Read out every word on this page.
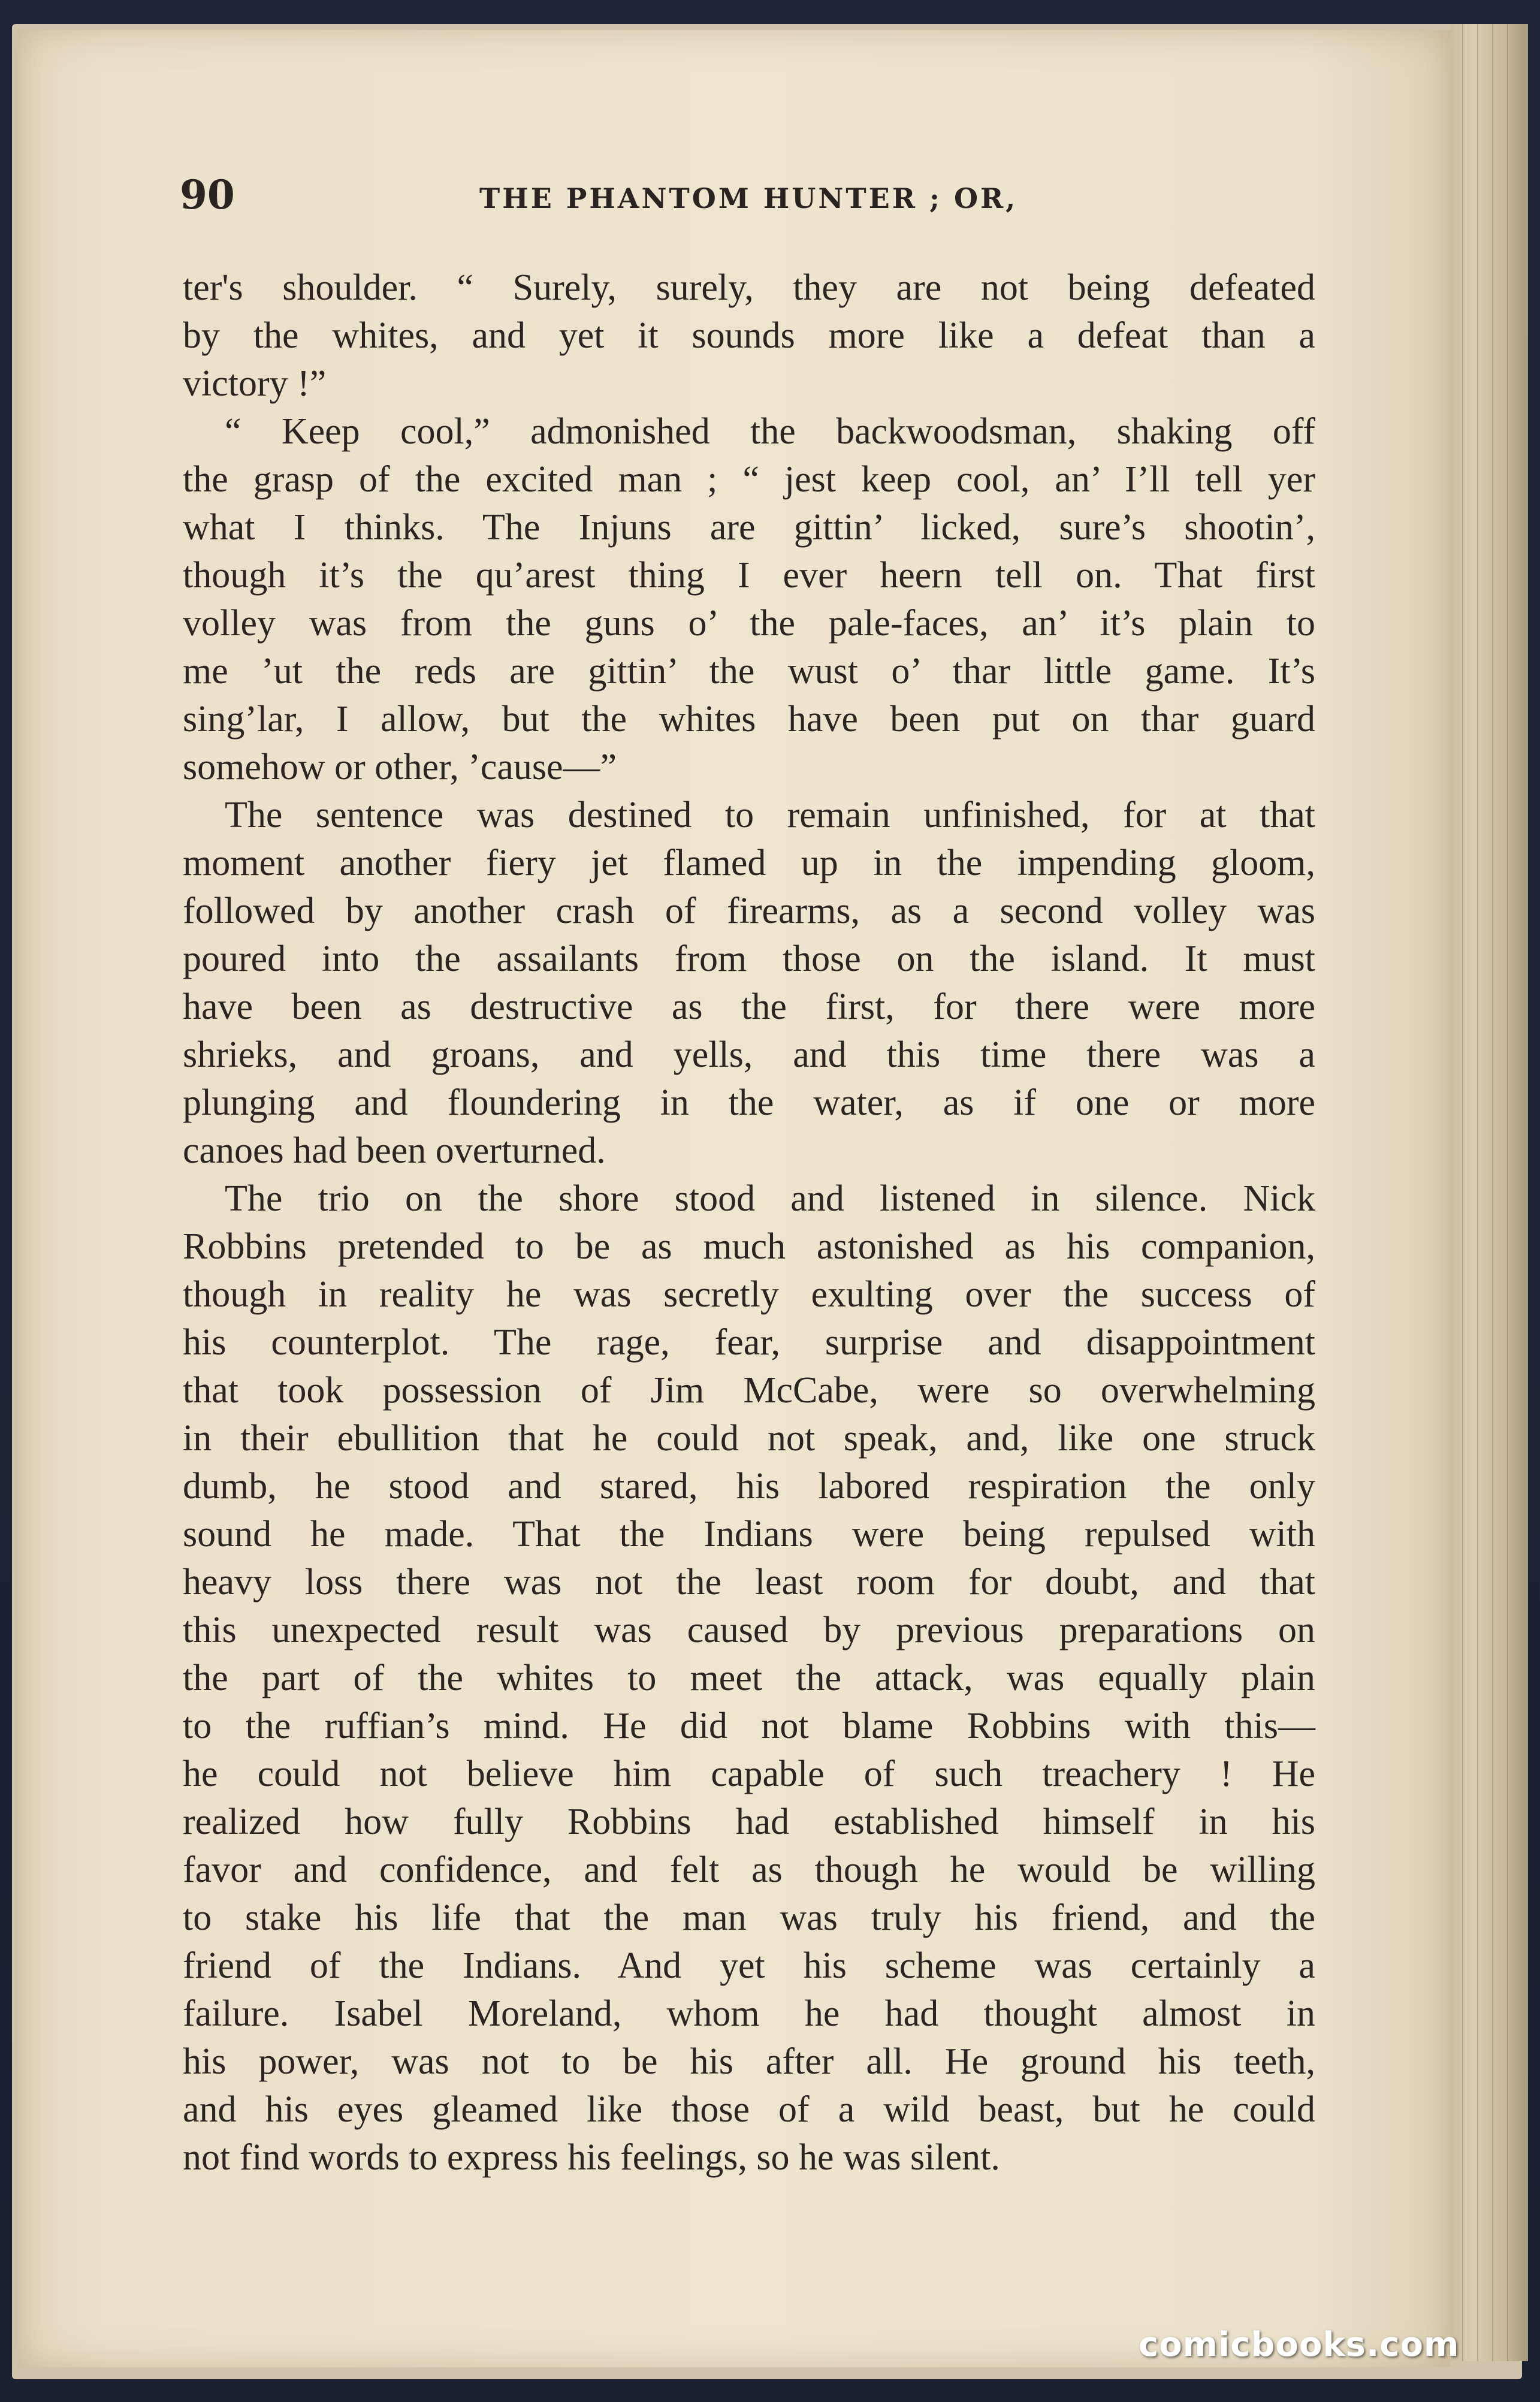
90	THE PHANTOM HUNTER ; OR,
ter's shoulder. “ Surely, surely, they are not being defeated
by the whites, and yet it sounds more like a defeat than a
victory !”
“ Keep cool,” admonished the backwoodsman, shaking off
the grasp of the excited man ; “ jest keep cool, an’ I’ll tell yer
what I thinks. The Injuns are gittin’ licked, sure’s shootin’,
though it’s the qu’arest thing I ever heern tell on. That first
volley was from the guns o’ the pale-faces, an’ it’s plain to
me ’ut the reds are gittin’ the wust o’ thar little game. It’s
sing’lar, I allow, but the whites have been put on thar guard
somehow or other, ’cause—”
The sentence was destined to remain unfinished, for at that
moment another fiery jet flamed up in the impending gloom,
followed by another crash of firearms, as a second volley was
poured into the assailants from those on the island. It must
have been as destructive as the first, for there were more
shrieks, and groans, and yells, and this time there was a
plunging and floundering in the water, as if one or more
canoes had been overturned.
The trio on the shore stood and listened in silence. Nick
Robbins pretended to be as much astonished as his companion,
though in reality he was secretly exulting over the success of
his counterplot. The rage, fear, surprise and disappointment
that took possession of Jim McCabe, were so overwhelming
in their ebullition that he could not speak, and, like one struck
dumb, he stood and stared, his labored respiration the only
sound he made. That the Indians were being repulsed with
heavy loss there was not the least room for doubt, and that
this unexpected result was caused by previous preparations on
the part of the whites to meet the attack, was equally plain
to the ruffian’s mind. He did not blame Robbins with this—
he could not believe him capable of such treachery ! He
realized how fully Robbins had established himself in his
favor and confidence, and felt as though he would be willing
to stake his life that the man was truly his friend, and the
friend of the Indians. And yet his scheme was certainly a
failure. Isabel Moreland, whom he had thought almost in
his power, was not to be his after all. He ground his teeth,
and his eyes gleamed like those of a wild beast, but he could
not find words to express his feelings, so he was silent.
comicbooks.com
